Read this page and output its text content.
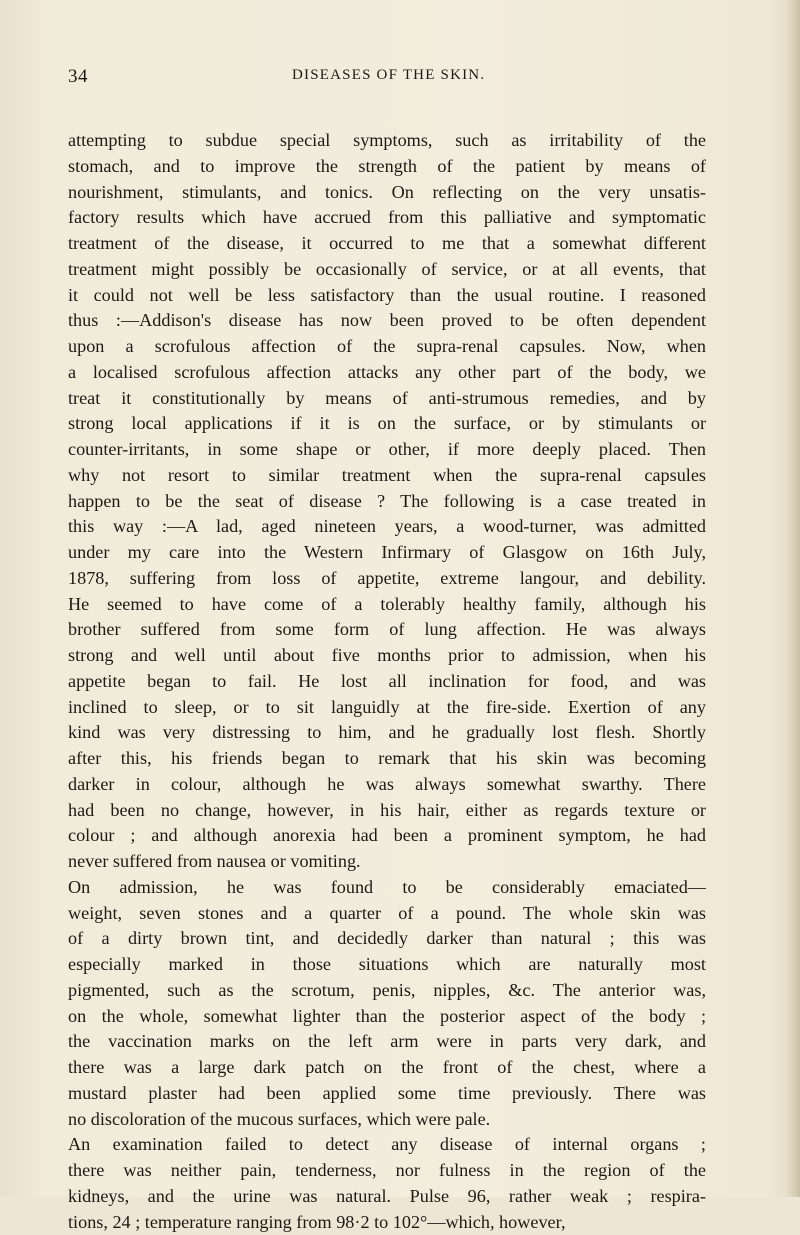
34	DISEASES OF THE SKIN.
attempting to subdue special symptoms, such as irritability of the
stomach, and to improve the strength of the patient by means of
nourishment, stimulants, and tonics. On reflecting on the very unsatis-
factory results which have accrued from this palliative and symptomatic
treatment of the disease, it occurred to me that a somewhat different
treatment might possibly be occasionally of service, or at all events, that
it could not well be less satisfactory than the usual routine. I reasoned
thus :—Addison's disease has now been proved to be often dependent
upon a scrofulous affection of the supra-renal capsules. Now, when
a localised scrofulous affection attacks any other part of the body, we
treat it constitutionally by means of anti-strumous remedies, and by
strong local applications if it is on the surface, or by stimulants or
counter-irritants, in some shape or other, if more deeply placed. Then
why not resort to similar treatment when the supra-renal capsules
happen to be the seat of disease ? The following is a case treated in
this way :—A lad, aged nineteen years, a wood-turner, was admitted
under my care into the Western Infirmary of Glasgow on 16th July,
1878, suffering from loss of appetite, extreme langour, and debility.
He seemed to have come of a tolerably healthy family, although his
brother suffered from some form of lung affection. He was always
strong and well until about five months prior to admission, when his
appetite began to fail. He lost all inclination for food, and was
inclined to sleep, or to sit languidly at the fire-side. Exertion of any
kind was very distressing to him, and he gradually lost flesh. Shortly
after this, his friends began to remark that his skin was becoming
darker in colour, although he was always somewhat swarthy. There
had been no change, however, in his hair, either as regards texture or
colour ; and although anorexia had been a prominent symptom, he had
never suffered from nausea or vomiting.
On admission, he was found to be considerably emaciated—
weight, seven stones and a quarter of a pound. The whole skin was
of a dirty brown tint, and decidedly darker than natural ; this was
especially marked in those situations which are naturally most
pigmented, such as the scrotum, penis, nipples, &c. The anterior was,
on the whole, somewhat lighter than the posterior aspect of the body ;
the vaccination marks on the left arm were in parts very dark, and
there was a large dark patch on the front of the chest, where a
mustard plaster had been applied some time previously. There was
no discoloration of the mucous surfaces, which were pale.
An examination failed to detect any disease of internal organs ;
there was neither pain, tenderness, nor fulness in the region of the
kidneys, and the urine was natural. Pulse 96, rather weak ; respira-
tions, 24 ; temperature ranging from 98·2 to 102°—which, however,
